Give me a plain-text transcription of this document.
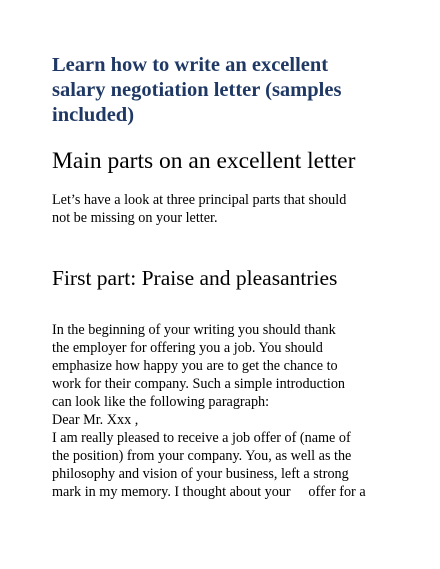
Learn how to write an excellent
salary negotiation letter (samples
included)
Main parts on an excellent letter

Let’s have a look at three principal parts that should
not be missing on your letter.

First part: Praise and pleasantries

In the beginning of your writing you should thank
the employer for offering you a job. You should
emphasize how happy you are to get the chance to
work for their company. Such a simple introduction
can look like the following paragraph:
Dear Mr. Xxx ,
I am really pleased to receive a job offer of (name of
the position) from your company. You, as well as the
philosophy and vision of your business, left a strong
mark in my memory. I thought about your     offer for a
